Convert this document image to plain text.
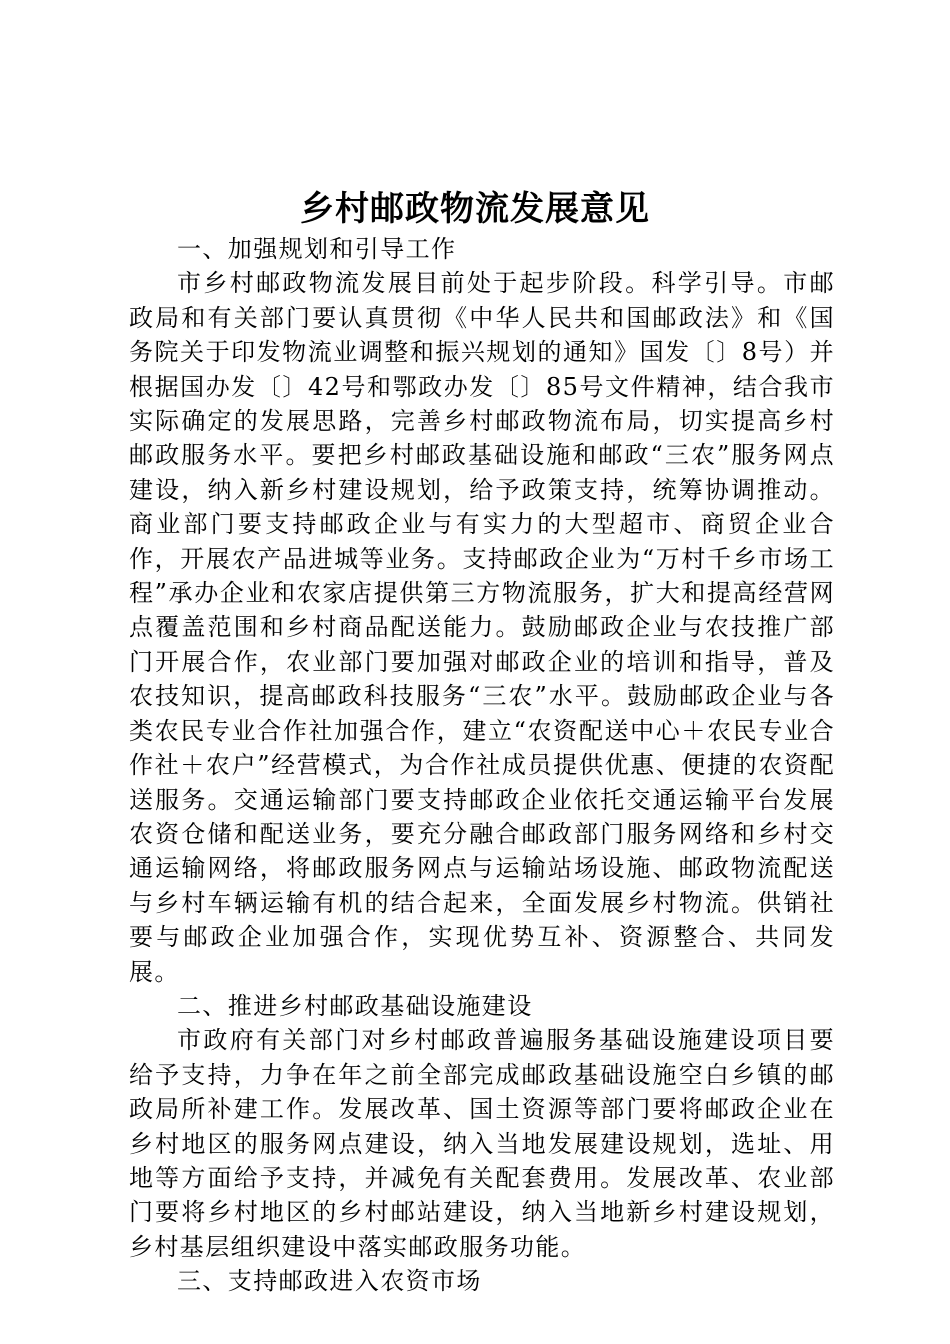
乡村邮政物流发展意见

一、加强规划和引导工作

市乡村邮政物流发展目前处于起步阶段。科学引导。市邮政局和有关部门要认真贯彻《中华人民共和国邮政法》和《国务院关于印发物流业调整和振兴规划的通知》国发〔〕8号）并根据国办发〔〕42号和鄂政办发〔〕85号文件精神，结合我市实际确定的发展思路，完善乡村邮政物流布局，切实提高乡村邮政服务水平。要把乡村邮政基础设施和邮政“三农”服务网点建设，纳入新乡村建设规划，给予政策支持，统筹协调推动。商业部门要支持邮政企业与有实力的大型超市、商贸企业合作，开展农产品进城等业务。支持邮政企业为“万村千乡市场工程”承办企业和农家店提供第三方物流服务，扩大和提高经营网点覆盖范围和乡村商品配送能力。鼓励邮政企业与农技推广部门开展合作，农业部门要加强对邮政企业的培训和指导，普及农技知识，提高邮政科技服务“三农”水平。鼓励邮政企业与各类农民专业合作社加强合作，建立“农资配送中心＋农民专业合作社＋农户”经营模式，为合作社成员提供优惠、便捷的农资配送服务。交通运输部门要支持邮政企业依托交通运输平台发展农资仓储和配送业务，要充分融合邮政部门服务网络和乡村交通运输网络，将邮政服务网点与运输站场设施、邮政物流配送与乡村车辆运输有机的结合起来，全面发展乡村物流。供销社要与邮政企业加强合作，实现优势互补、资源整合、共同发展。

二、推进乡村邮政基础设施建设

市政府有关部门对乡村邮政普遍服务基础设施建设项目要给予支持，力争在年之前全部完成邮政基础设施空白乡镇的邮政局所补建工作。发展改革、国土资源等部门要将邮政企业在乡村地区的服务网点建设，纳入当地发展建设规划，选址、用地等方面给予支持，并减免有关配套费用。发展改革、农业部门要将乡村地区的乡村邮站建设，纳入当地新乡村建设规划，乡村基层组织建设中落实邮政服务功能。

三、支持邮政进入农资市场
